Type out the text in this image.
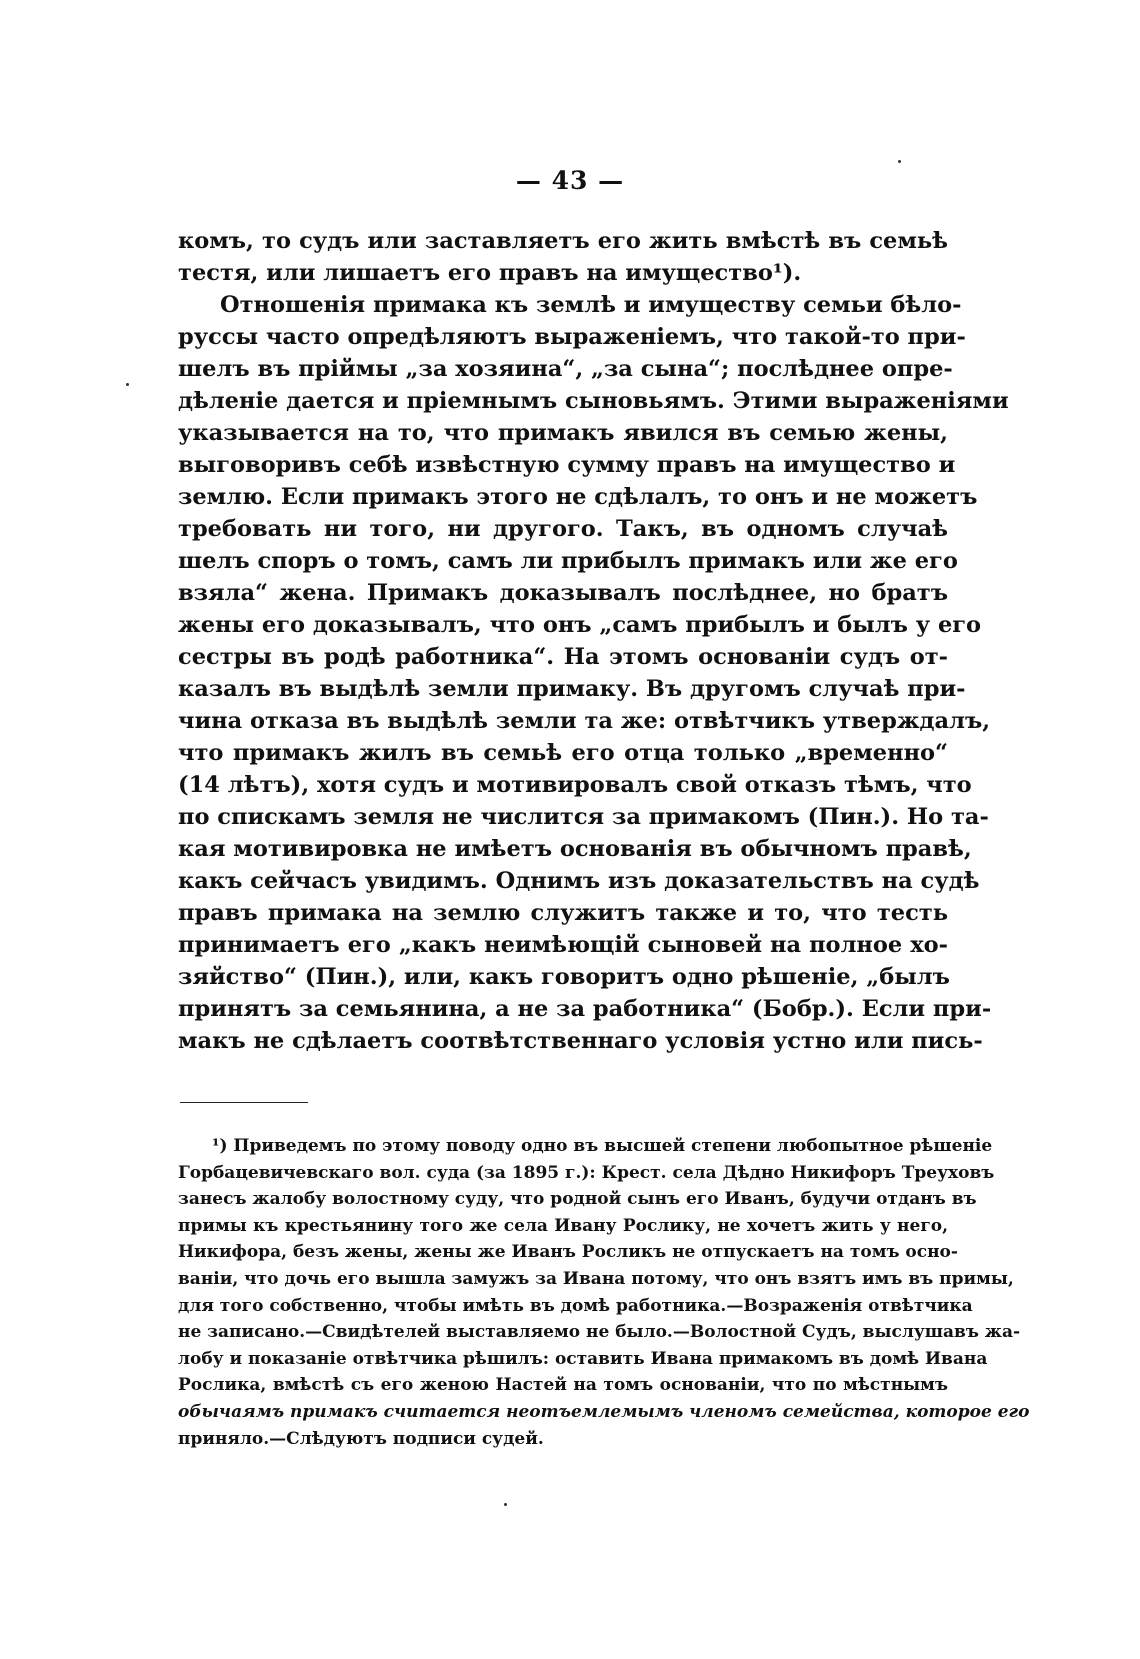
— 43 —
комъ, то судъ или заставляетъ его жить вмѣстѣ въ семьѣ
тестя, или лишаетъ его правъ на имущество¹).
Отношенія примака къ землѣ и имуществу семьи бѣло-
руссы часто опредѣляютъ выраженіемъ, что такой-то при-
шелъ въ пріймы „за хозяина“, „за сына“; послѣднее опре-
дѣленіе дается и пріемнымъ сыновьямъ. Этими выраженіями
указывается на то, что примакъ явился въ семью жены,
выговоривъ себѣ извѣстную сумму правъ на имущество и
землю. Если примакъ этого не сдѣлалъ, то онъ и не можетъ
требовать ни того, ни другого. Такъ, въ одномъ случаѣ
шелъ споръ о томъ, самъ ли прибылъ примакъ или же его
взяла“ жена. Примакъ доказывалъ послѣднее, но братъ
жены его доказывалъ, что онъ „самъ прибылъ и былъ у его
сестры въ родѣ работника“. На этомъ основаніи судъ от-
казалъ въ выдѣлѣ земли примаку. Въ другомъ случаѣ при-
чина отказа въ выдѣлѣ земли та же: отвѣтчикъ утверждалъ,
что примакъ жилъ въ семьѣ его отца только „временно“
(14 лѣтъ), хотя судъ и мотивировалъ свой отказъ тѣмъ, что
по спискамъ земля не числится за примакомъ (Пин.). Но та-
кая мотивировка не имѣетъ основанія въ обычномъ правѣ,
какъ сейчасъ увидимъ. Однимъ изъ доказательствъ на судѣ
правъ примака на землю служитъ также и то, что тесть
принимаетъ его „какъ неимѣющій сыновей на полное хо-
зяйство“ (Пин.), или, какъ говоритъ одно рѣшеніе, „былъ
принятъ за семьянина, а не за работника“ (Бобр.). Если при-
макъ не сдѣлаетъ соотвѣтственнаго условія устно или пись-
¹) Приведемъ по этому поводу одно въ высшей степени любопытное рѣшеніе
Горбацевичевскаго вол. суда (за 1895 г.): Крест. села Дѣдно Никифоръ Треуховъ
занесъ жалобу волостному суду, что родной сынъ его Иванъ, будучи отданъ въ
примы къ крестьянину того же села Ивану Рослику, не хочетъ жить у него,
Никифора, безъ жены, жены же Иванъ Росликъ не отпускаетъ на томъ осно-
ваніи, что дочь его вышла замужъ за Ивана потому, что онъ взятъ имъ въ примы,
для того собственно, чтобы имѣть въ домѣ работника.—Возраженія отвѣтчика
не записано.—Свидѣтелей выставляемо не было.—Волостной Судъ, выслушавъ жа-
лобу и показаніе отвѣтчика рѣшилъ: оставить Ивана примакомъ въ домѣ Ивана
Рослика, вмѣстѣ съ его женою Настей на томъ основаніи, что по мѣстнымъ
обычаямъ примакъ считается неотъемлемымъ членомъ семейства, которое его
приняло.—Слѣдуютъ подписи судей.
